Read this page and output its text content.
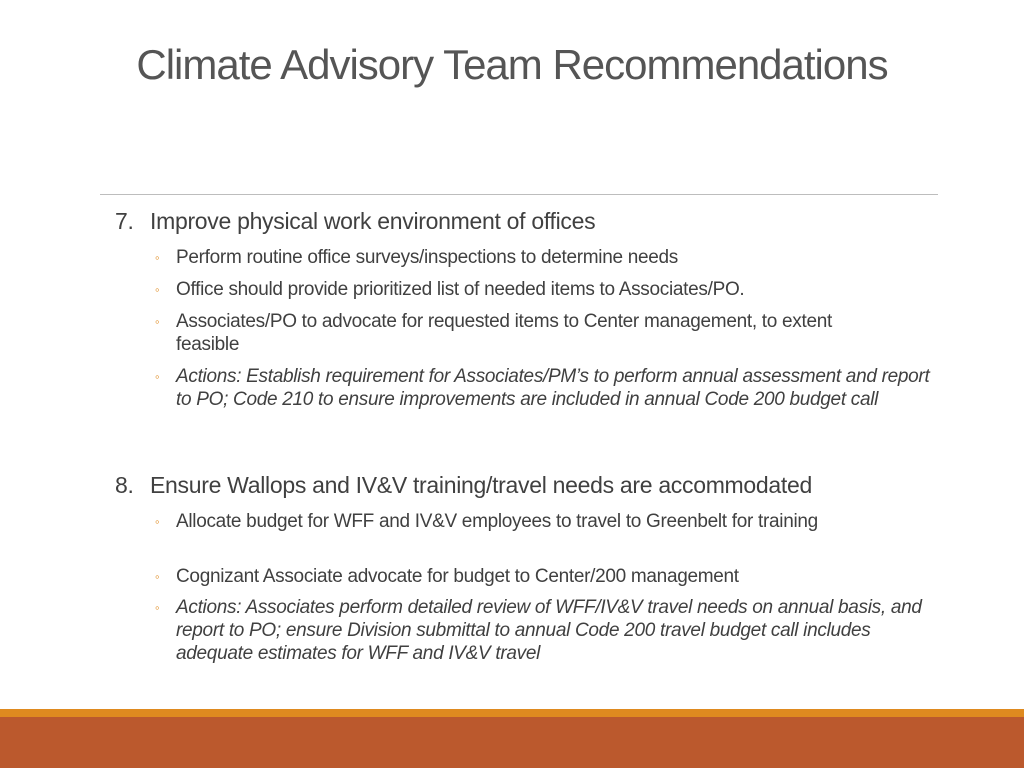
Climate Advisory Team Recommendations
7. Improve physical work environment of offices
◦ Perform routine office surveys/inspections to determine needs
◦ Office should provide prioritized list of needed items to Associates/PO.
◦ Associates/PO to advocate for requested items to Center management, to extent feasible
◦ Actions: Establish requirement for Associates/PM’s to perform annual assessment and report to PO; Code 210 to ensure improvements are included in annual Code 200 budget call
8. Ensure Wallops and IV&V training/travel needs are accommodated
◦ Allocate budget for WFF and IV&V employees to travel to Greenbelt for training
◦ Cognizant Associate advocate for budget to Center/200 management
◦ Actions: Associates perform detailed review of WFF/IV&V travel needs on annual basis, and report to PO; ensure Division submittal to annual Code 200 travel budget call includes adequate estimates for WFF and IV&V travel
